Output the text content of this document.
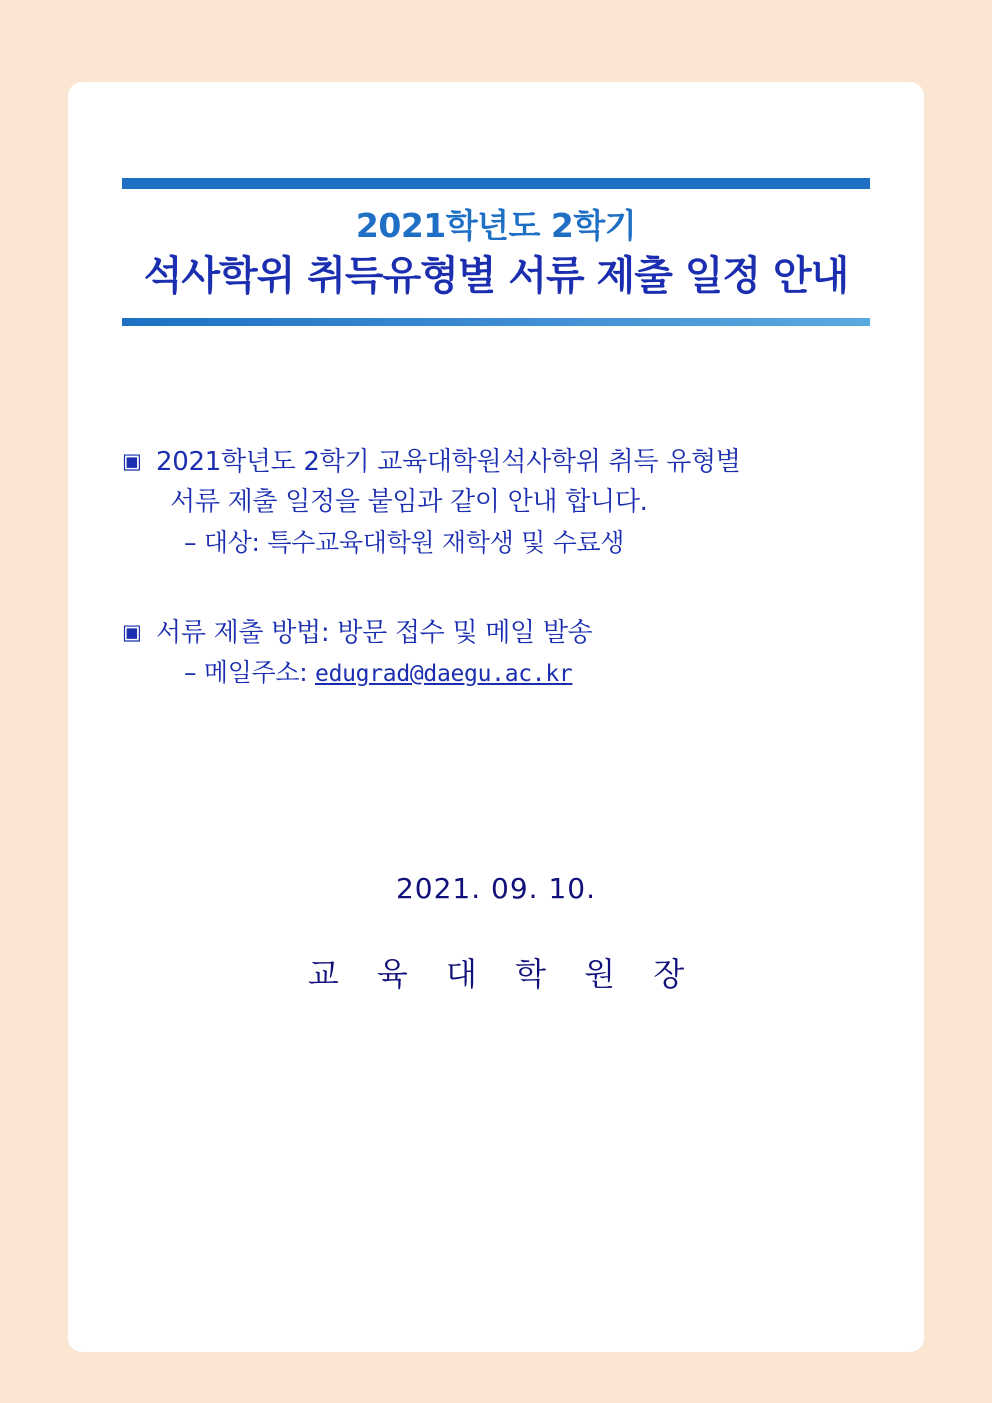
2021학년도 2학기
석사학위 취득유형별 서류 제출 일정 안내
▣ 2021학년도 2학기 교육대학원석사학위 취득 유형별
서류 제출 일정을 붙임과 같이 안내 합니다.
– 대상: 특수교육대학원 재학생 및 수료생
▣ 서류 제출 방법: 방문 접수 및 메일 발송
– 메일주소: edugrad@daegu.ac.kr
2021. 09. 10.
교 육 대 학 원 장
